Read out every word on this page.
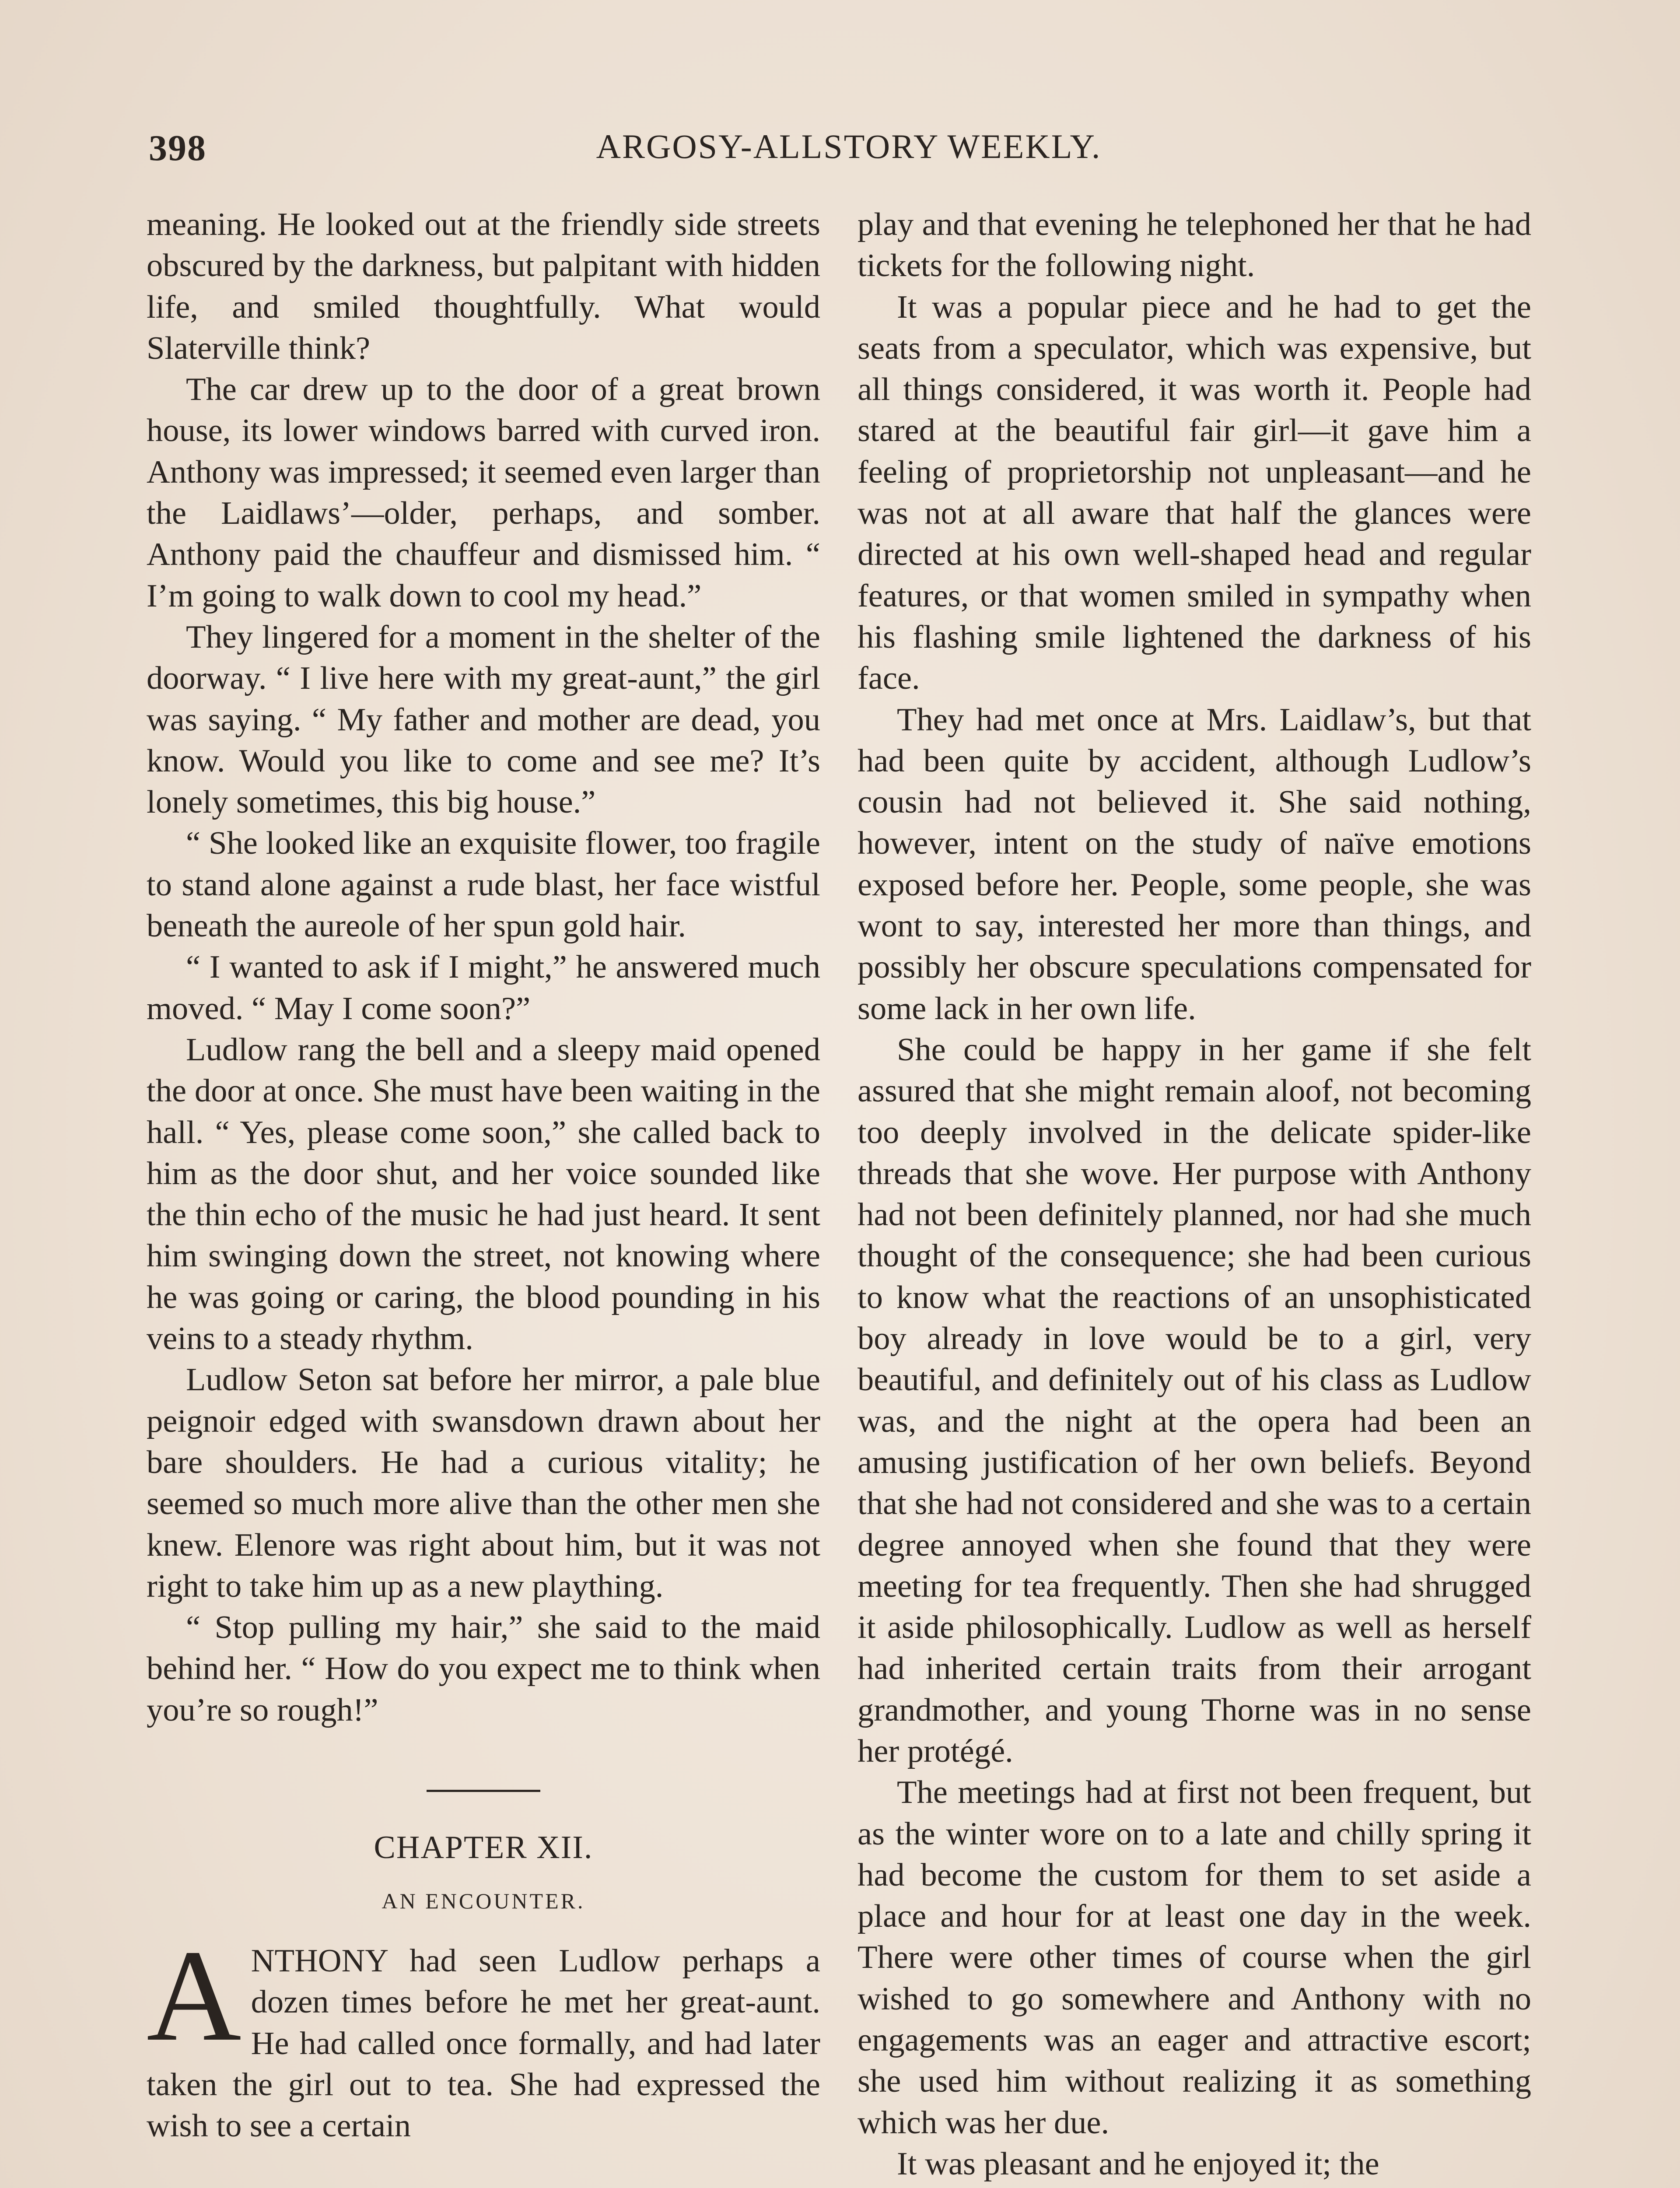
398	ARGOSY-ALLSTORY WEEKLY.

meaning. He looked out at the friendly side streets obscured by the darkness, but palpitant with hidden life, and smiled thoughtfully. What would Slaterville think?

The car drew up to the door of a great brown house, its lower windows barred with curved iron. Anthony was impressed; it seemed even larger than the Laidlaws’—older, perhaps, and somber. Anthony paid the chauffeur and dismissed him. “ I’m going to walk down to cool my head.”

They lingered for a moment in the shelter of the doorway. “ I live here with my great-aunt,” the girl was saying. “ My father and mother are dead, you know. Would you like to come and see me? It’s lonely sometimes, this big house.”

“ She looked like an exquisite flower, too fragile to stand alone against a rude blast, her face wistful beneath the aureole of her spun gold hair.

“ I wanted to ask if I might,” he answered much moved. “ May I come soon?”

Ludlow rang the bell and a sleepy maid opened the door at once. She must have been waiting in the hall. “ Yes, please come soon,” she called back to him as the door shut, and her voice sounded like the thin echo of the music he had just heard. It sent him swinging down the street, not knowing where he was going or caring, the blood pounding in his veins to a steady rhythm.

Ludlow Seton sat before her mirror, a pale blue peignoir edged with swansdown drawn about her bare shoulders. He had a curious vitality; he seemed so much more alive than the other men she knew. Elenore was right about him, but it was not right to take him up as a new plaything.

“ Stop pulling my hair,” she said to the maid behind her. “ How do you expect me to think when you’re so rough!”

CHAPTER XII.

AN ENCOUNTER.

ANTHONY had seen Ludlow perhaps a dozen times before he met her great-aunt. He had called once formally, and had later taken the girl out to tea. She had expressed the wish to see a certain

play and that evening he telephoned her that he had tickets for the following night.

It was a popular piece and he had to get the seats from a speculator, which was expensive, but all things considered, it was worth it. People had stared at the beautiful fair girl—it gave him a feeling of proprietorship not unpleasant—and he was not at all aware that half the glances were directed at his own well-shaped head and regular features, or that women smiled in sympathy when his flashing smile lightened the darkness of his face.

They had met once at Mrs. Laidlaw’s, but that had been quite by accident, although Ludlow’s cousin had not believed it. She said nothing, however, intent on the study of naïve emotions exposed before her. People, some people, she was wont to say, interested her more than things, and possibly her obscure speculations compensated for some lack in her own life.

She could be happy in her game if she felt assured that she might remain aloof, not becoming too deeply involved in the delicate spider-like threads that she wove. Her purpose with Anthony had not been definitely planned, nor had she much thought of the consequence; she had been curious to know what the reactions of an unsophisticated boy already in love would be to a girl, very beautiful, and definitely out of his class as Ludlow was, and the night at the opera had been an amusing justification of her own beliefs. Beyond that she had not considered and she was to a certain degree annoyed when she found that they were meeting for tea frequently. Then she had shrugged it aside philosophically. Ludlow as well as herself had inherited certain traits from their arrogant grandmother, and young Thorne was in no sense her protégé.

The meetings had at first not been frequent, but as the winter wore on to a late and chilly spring it had become the custom for them to set aside a place and hour for at least one day in the week. There were other times of course when the girl wished to go somewhere and Anthony with no engagements was an eager and attractive escort; she used him without realizing it as something which was her due.

It was pleasant and he enjoyed it; the
